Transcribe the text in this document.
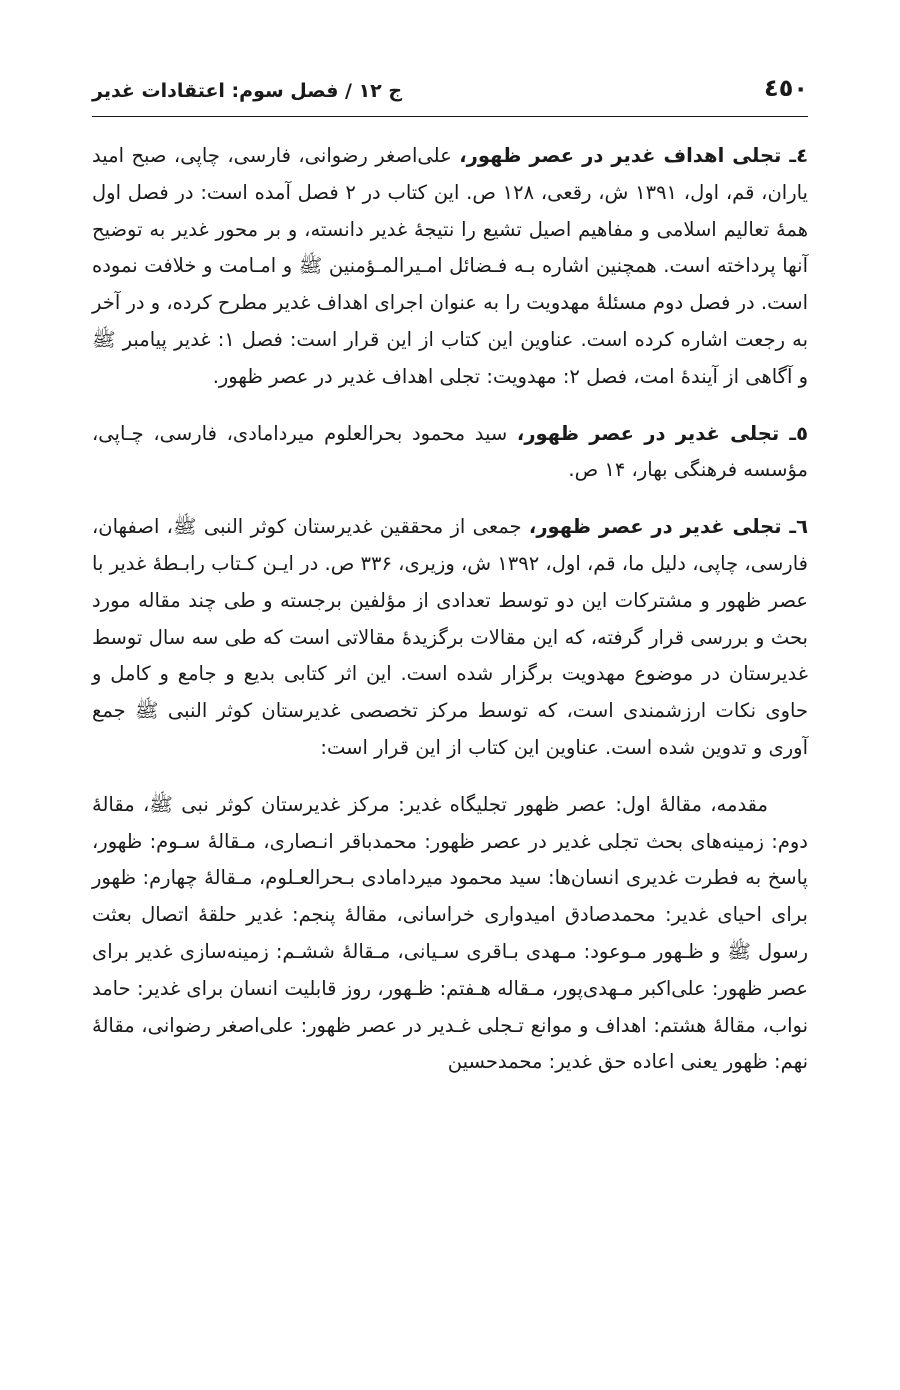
٤٥٠
ج ۱۲ / فصل سوم: اعتقادات غدیر

٤ـ تجلی اهداف غدیر در عصر ظهور، علی‌اصغر رضوانی، فارسی، چاپی، صبح امید یاران، قم، اول، ۱۳۹۱ ش، رقعی، ۱۲۸ ص. این کتاب در ۲ فصل آمده است: در فصل اول همهٔ تعالیم اسلامی و مفاهیم اصیل تشیع را نتیجهٔ غدیر دانسته، و بر محور غدیر به توضیح آنها پرداخته است. همچنین اشاره بـه فـضائل امـیرالمـؤمنین ﷺ و امـامت و خلافت نموده است. در فصل دوم مسئلهٔ مهدویت را به عنوان اجرای اهداف غدیر مطرح کرده، و در آخر به رجعت اشاره کرده است. عناوین این کتاب از این قرار است: فصل ۱: غدیر پیامبر ﷺ و آگاهی از آیندهٔ امت، فصل ۲: مهدویت: تجلی اهداف غدیر در عصر ظهور.

٥ـ تجلی غدیر در عصر ظهور، سید محمود بحرالعلوم میردامادی، فارسی، چـاپی، مؤسسه فرهنگی بهار، ۱۴ ص.

٦ـ تجلی غدیر در عصر ظهور، جمعی از محققین غدیرستان کوثر النبی ﷺ، اصفهان، فارسی، چاپی، دلیل ما، قم، اول، ۱۳۹۲ ش، وزیری، ۳۳۶ ص. در ایـن کـتاب رابـطهٔ غدیر با عصر ظهور و مشترکات این دو توسط تعدادی از مؤلفین برجسته و طی چند مقاله مورد بحث و بررسی قرار گرفته، که این مقالات برگزیدهٔ مقالاتی است که طی سه سال توسط غدیرستان در موضوع مهدویت برگزار شده است. این اثر کتابی بدیع و جامع و کامل و حاوی نکات ارزشمندی است، که توسط مرکز تخصصی غدیرستان کوثر النبی ﷺ جمع آوری و تدوین شده است. عناوین این کتاب از این قرار است:

مقدمه، مقالهٔ اول: عصر ظهور تجلیگاه غدیر: مرکز غدیرستان کوثر نبی ﷺ، مقالهٔ دوم: زمینه‌های بحث تجلی غدیر در عصر ظهور: محمدباقر انـصاری، مـقالهٔ سـوم: ظهور، پاسخ به فطرت غدیری انسان‌ها: سید محمود میردامادی بـحرالعـلوم، مـقالهٔ چهارم: ظهور برای احیای غدیر: محمدصادق امیدواری خراسانی، مقالهٔ پنجم: غدیر حلقهٔ اتصال بعثت رسول ﷺ و ظـهور مـوعود: مـهدی بـاقری سـیانی، مـقالهٔ ششـم: زمینه‌سازی غدیر برای عصر ظهور: علی‌اکبر مـهدی‌پور، مـقاله هـفتم: ظـهور، روز قابلیت انسان برای غدیر: حامد نواب، مقالهٔ هشتم: اهداف و موانع تـجلی غـدیر در عصر ظهور: علی‌اصغر رضوانی، مقالهٔ نهم: ظهور یعنی اعاده حق غدیر: محمدحسین
